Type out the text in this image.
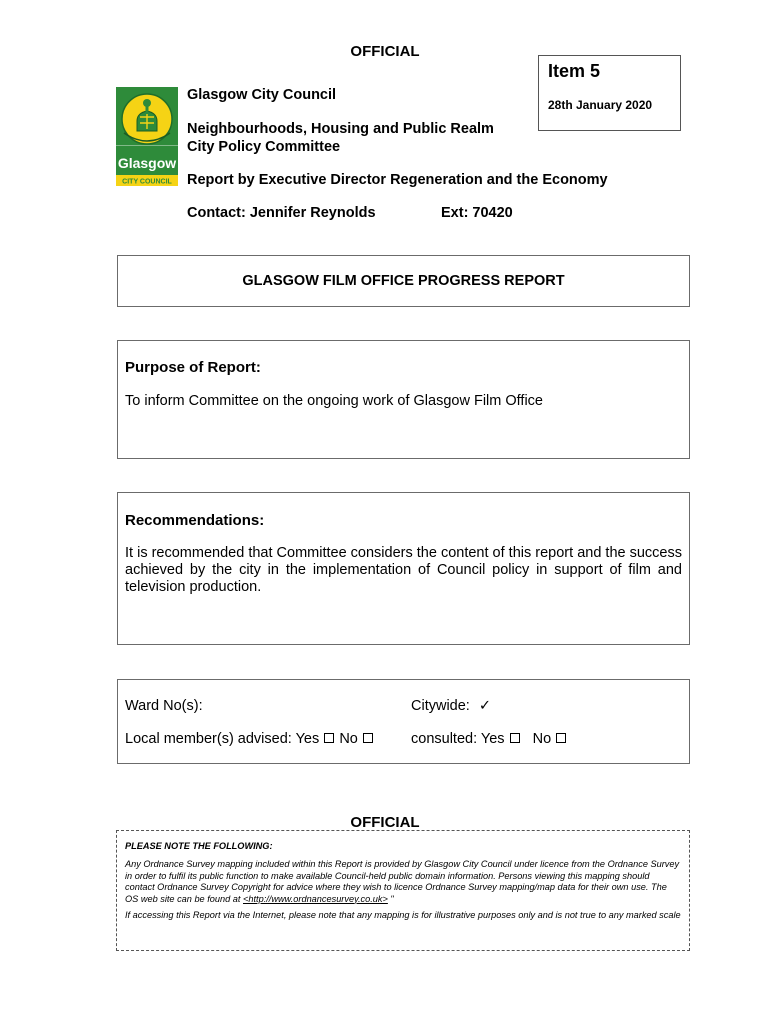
OFFICIAL
Item 5
28th January 2020
Glasgow
CITY COUNCIL
Glasgow City Council
Neighbourhoods, Housing and Public Realm
City Policy Committee
Report by Executive Director Regeneration and the Economy
Contact: Jennifer Reynolds	Ext: 70420
GLASGOW FILM OFFICE PROGRESS REPORT
Purpose of Report:
To inform Committee on the ongoing work of Glasgow Film Office
Recommendations:
It is recommended that Committee considers the content of this report and the success achieved by the city in the implementation of Council policy in support of film and television production.
Ward No(s):	Citywide: ✓
Local member(s) advised: Yes No	consulted: Yes No
OFFICIAL
PLEASE NOTE THE FOLLOWING:
Any Ordnance Survey mapping included within this Report is provided by Glasgow City Council under licence from the Ordnance Survey in order to fulfil its public function to make available Council-held public domain information. Persons viewing this mapping should contact Ordnance Survey Copyright for advice where they wish to licence Ordnance Survey mapping/map data for their own use. The OS web site can be found at <http://www.ordnancesurvey.co.uk> "
If accessing this Report via the Internet, please note that any mapping is for illustrative purposes only and is not true to any marked scale
